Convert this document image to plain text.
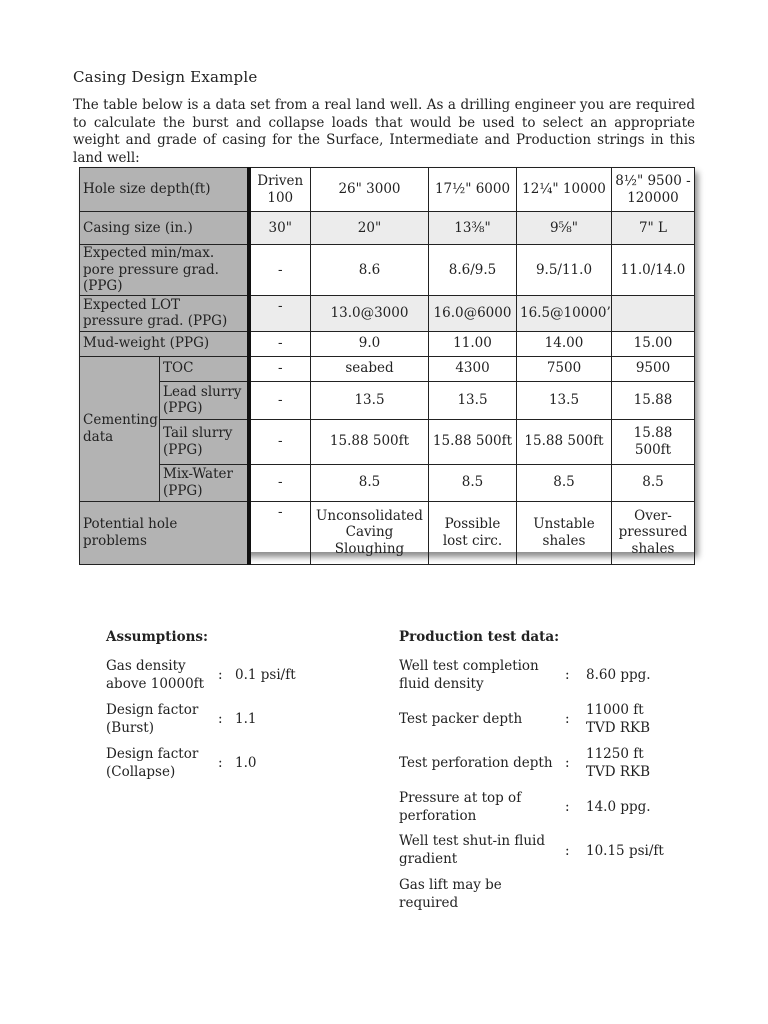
Casing Design Example
The table below is a data set from a real land well. As a drilling engineer you are required to calculate the burst and collapse loads that would be used to select an appropriate weight and grade of casing for the Surface, Intermediate and Production strings in this land well:
Hole size depth(ft)		Driven 100	26" 3000	17½" 6000	12¼" 10000	8½" 9500 - 120000
Casing size (in.)		30"	20"	13⅜"	9⅝"	7" L
Expected min/max. pore pressure grad. (PPG)		-	8.6	8.6/9.5	9.5/11.0	11.0/14.0
Expected LOT pressure grad. (PPG)		-	13.0@3000	16.0@6000	16.5@10000’	
Mud-weight (PPG)		-	9.0	11.00	14.00	15.00
Cementing data	TOC	-	seabed	4300	7500	9500
	Lead slurry (PPG)	-	13.5	13.5	13.5	15.88
	Tail slurry (PPG)	-	15.88 500ft	15.88 500ft	15.88 500ft	15.88 500ft
	Mix-Water (PPG)	-	8.5	8.5	8.5	8.5
Potential hole problems		-	Unconsolidated Caving Sloughing	Possible lost circ.	Unstable shales	Over-pressured shales
Assumptions:
Gas density above 10000ft
: 0.1 psi/ft
Design factor (Burst)
: 1.1
Design factor (Collapse)
: 1.0
Production test data:
Well test completion fluid density
: 8.60 ppg.
Test packer depth	:
11000 ft TVD RKB
Test perforation depth :
11250 ft TVD RKB
Pressure at top of perforation
: 14.0 ppg.
Well test shut-in fluid gradient	: 10.15 psi/ft
Gas lift may be required
